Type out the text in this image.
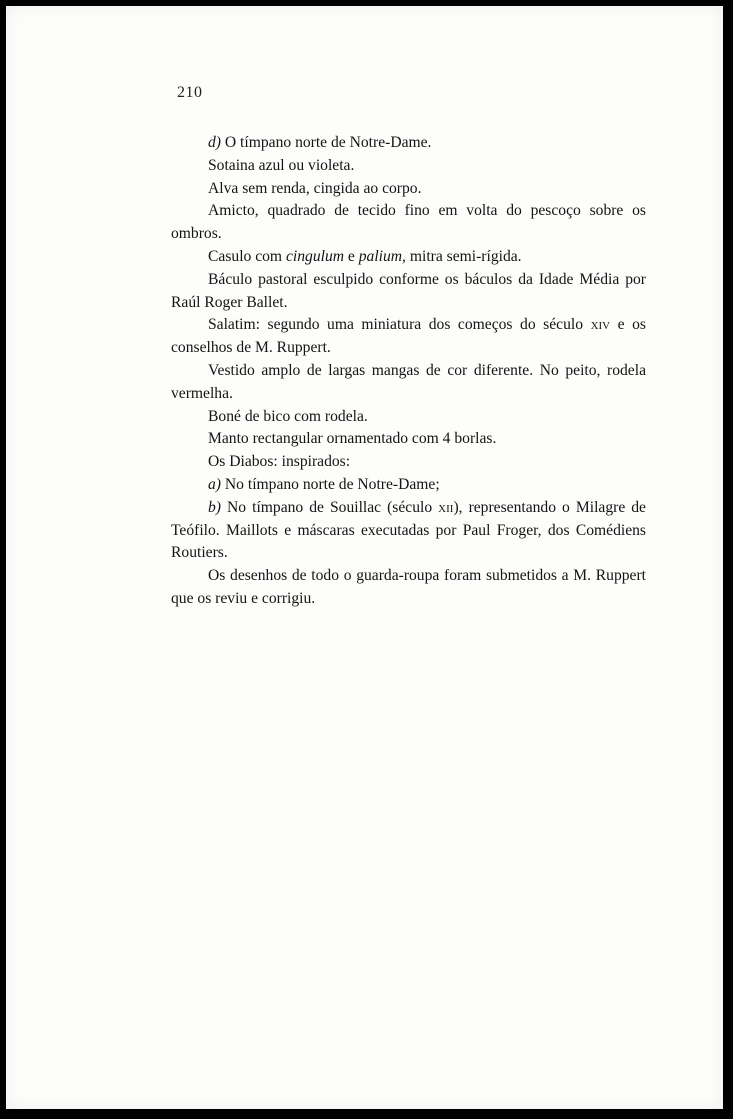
210

d) O tímpano norte de Notre-Dame.

Sotaina azul ou violeta.

Alva sem renda, cingida ao corpo.

Amicto, quadrado de tecido fino em volta do pescoço sobre os ombros.

Casulo com cingulum e palium, mitra semi-rígida.

Báculo pastoral esculpido conforme os báculos da Idade Média por Raúl Roger Ballet.

Salatim: segundo uma miniatura dos começos do século xiv e os conselhos de M. Ruppert.

Vestido amplo de largas mangas de cor diferente. No peito, rodela vermelha.

Boné de bico com rodela.

Manto rectangular ornamentado com 4 borlas.

Os Diabos: inspirados:

a) No tímpano norte de Notre-Dame;

b) No tímpano de Souillac (século xii), representando o Milagre de Teófilo. Maillots e máscaras executadas por Paul Froger, dos Comédiens Routiers.

Os desenhos de todo o guarda-roupa foram submetidos a M. Ruppert que os reviu e corrigiu.
